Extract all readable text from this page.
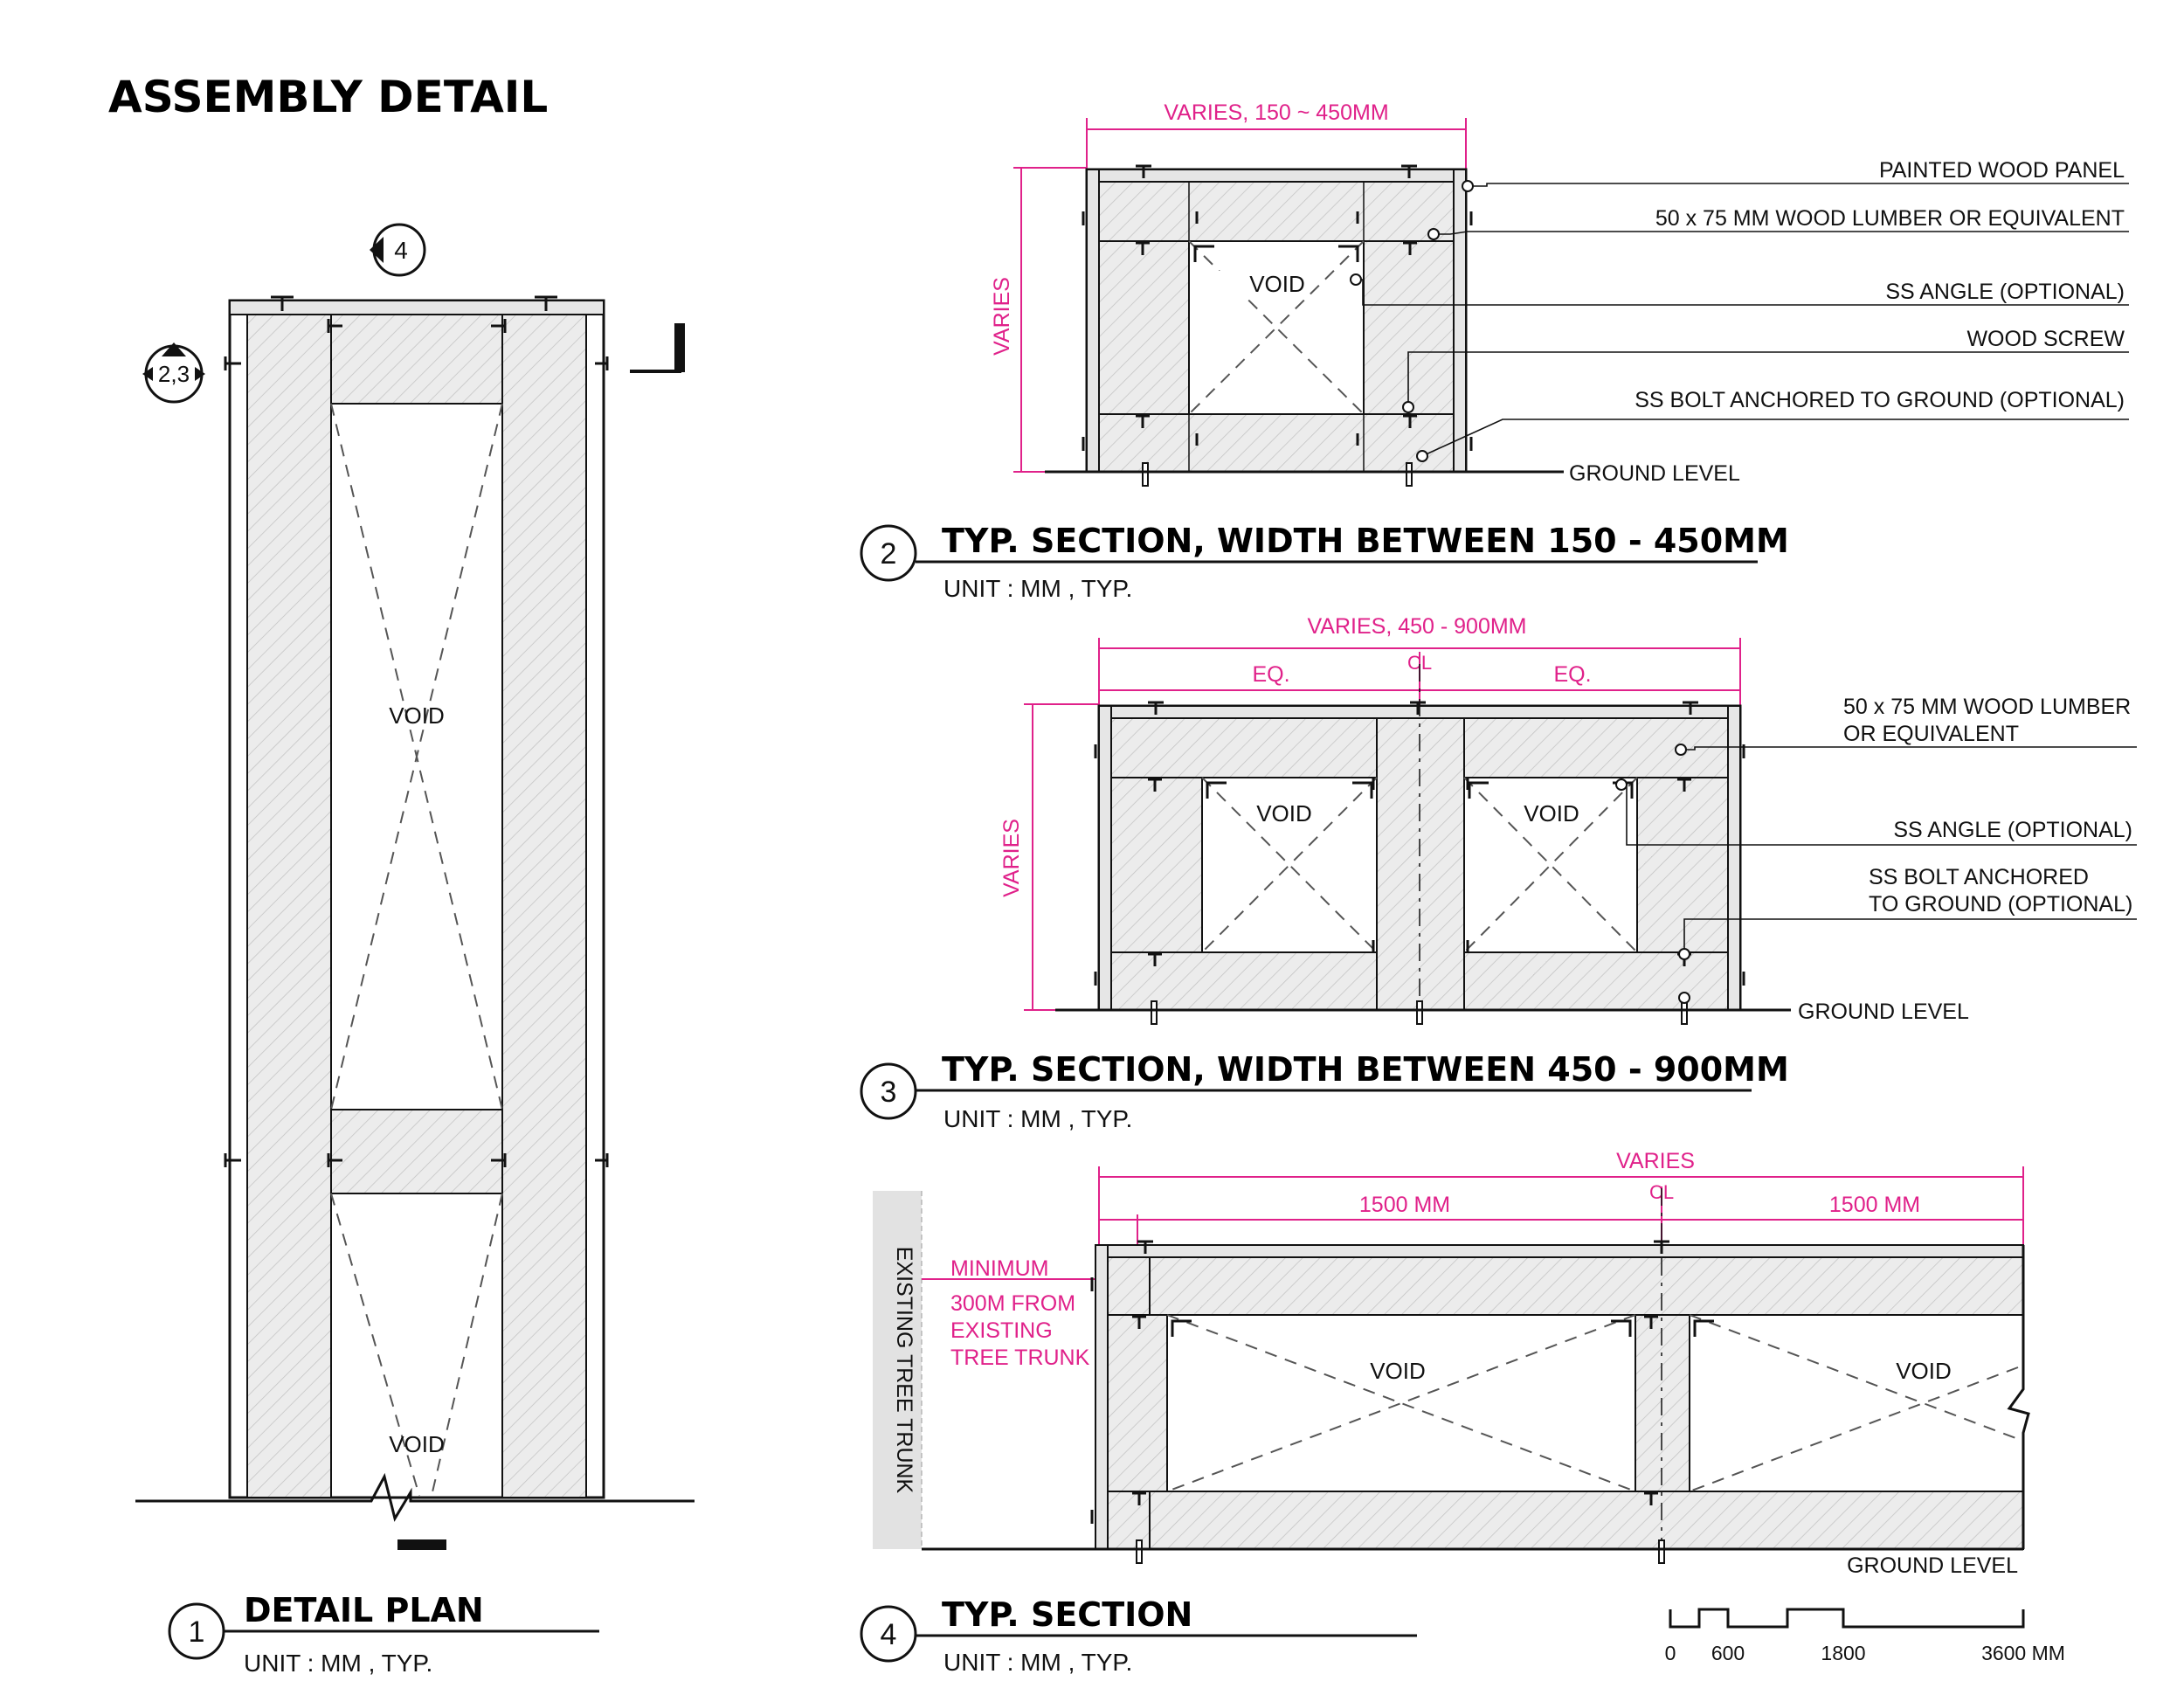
ASSEMBLY DETAIL
VOID
VOID
4
2,3
1
DETAIL PLAN
UNIT : MM , TYP.
VARIES, 150 ~ 450MM
VARIES	VOID
GROUND LEVEL
PAINTED WOOD PANEL
50 x 75 MM WOOD LUMBER OR EQUIVALENT
SS ANGLE (OPTIONAL)
WOOD SCREW
SS BOLT ANCHORED TO GROUND (OPTIONAL)
2 TYP. SECTION, WIDTH BETWEEN 150 - 450MM
UNIT : MM , TYP.
VARIES, 450 - 900MM
EQ.	EQ.
CL
VARIES
VOID	VOID
GROUND LEVEL
50 x 75 MM WOOD LUMBER
OR EQUIVALENT
SS ANGLE (OPTIONAL)
SS BOLT ANCHORED
TO GROUND (OPTIONAL)
3
TYP. SECTION, WIDTH BETWEEN 450 - 900MM
UNIT : MM , TYP.
EXISTING TREE TRUNK
VARIES
1500 MM	1500 MM
CL
MINIMUM
300M FROM
EXISTING
TREE TRUNK	VOID	VOID
GROUND LEVEL
0 600	1800	3600 MM
4
TYP. SECTION
UNIT : MM , TYP.
